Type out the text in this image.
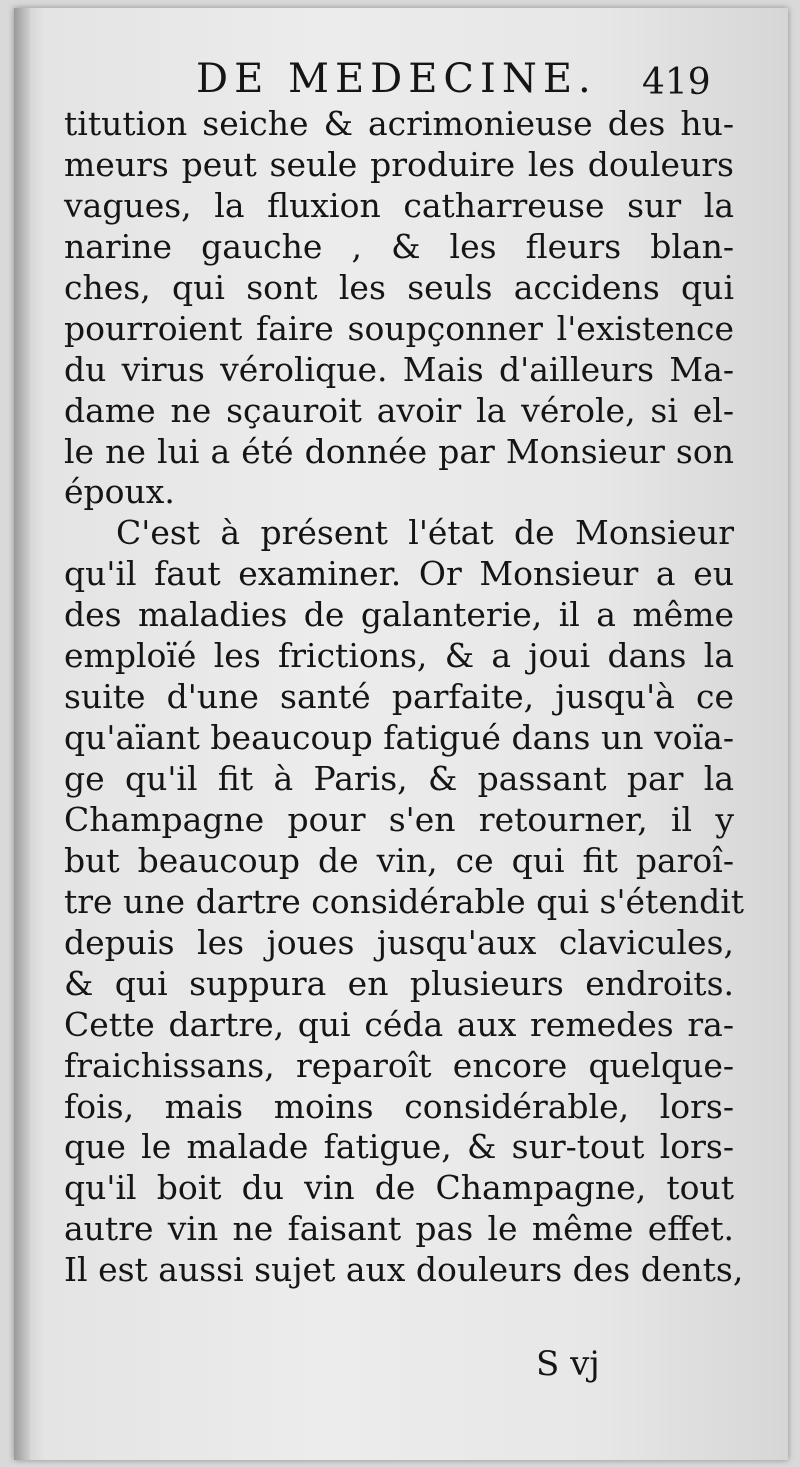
DE MEDECINE. 419
titution seiche & acrimonieuse des hu-
meurs peut seule produire les douleurs
vagues, la fluxion catharreuse sur la
narine gauche , & les fleurs blan-
ches, qui sont les seuls accidens qui
pourroient faire soupçonner l'existence
du virus vérolique. Mais d'ailleurs Ma-
dame ne sçauroit avoir la vérole, si el-
le ne lui a été donnée par Monsieur son
époux.
C'est à présent l'état de Monsieur
qu'il faut examiner. Or Monsieur a eu
des maladies de galanterie, il a même
emploïé les frictions, & a joui dans la
suite d'une santé parfaite, jusqu'à ce
qu'aïant beaucoup fatigué dans un voïa-
ge qu'il fit à Paris, & passant par la
Champagne pour s'en retourner, il y
but beaucoup de vin, ce qui fit paroî-
tre une dartre considérable qui s'étendit
depuis les joues jusqu'aux clavicules,
& qui suppura en plusieurs endroits.
Cette dartre, qui céda aux remedes ra-
fraichissans, reparoît encore quelque-
fois, mais moins considérable, lors-
que le malade fatigue, & sur-tout lors-
qu'il boit du vin de Champagne, tout
autre vin ne faisant pas le même effet.
Il est aussi sujet aux douleurs des dents,
S vj
